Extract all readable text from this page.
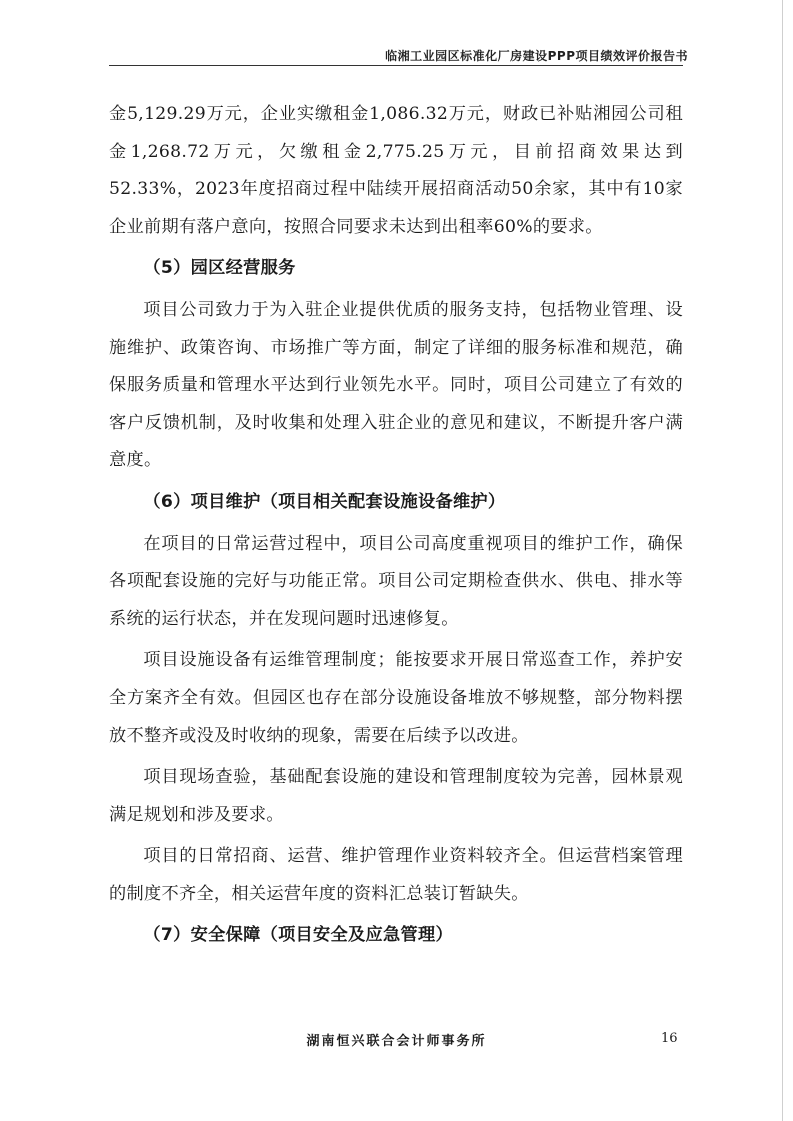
临湘工业园区标准化厂房建设PPP项目绩效评价报告书

金5,129.29万元，企业实缴租金1,086.32万元，财政已补贴湘园公司租金1,268.72万元，欠缴租金2,775.25万元，目前招商效果达到52.33%，2023年度招商过程中陆续开展招商活动50余家，其中有10家企业前期有落户意向，按照合同要求未达到出租率60%的要求。

（5）园区经营服务

项目公司致力于为入驻企业提供优质的服务支持，包括物业管理、设施维护、政策咨询、市场推广等方面，制定了详细的服务标准和规范，确保服务质量和管理水平达到行业领先水平。同时，项目公司建立了有效的客户反馈机制，及时收集和处理入驻企业的意见和建议，不断提升客户满意度。

（6）项目维护（项目相关配套设施设备维护）

在项目的日常运营过程中，项目公司高度重视项目的维护工作，确保各项配套设施的完好与功能正常。项目公司定期检查供水、供电、排水等系统的运行状态，并在发现问题时迅速修复。

项目设施设备有运维管理制度；能按要求开展日常巡查工作，养护安全方案齐全有效。但园区也存在部分设施设备堆放不够规整，部分物料摆放不整齐或没及时收纳的现象，需要在后续予以改进。

项目现场查验，基础配套设施的建设和管理制度较为完善，园林景观满足规划和涉及要求。

项目的日常招商、运营、维护管理作业资料较齐全。但运营档案管理的制度不齐全，相关运营年度的资料汇总装订暂缺失。

（7）安全保障（项目安全及应急管理）

湖南恒兴联合会计师事务所	16
